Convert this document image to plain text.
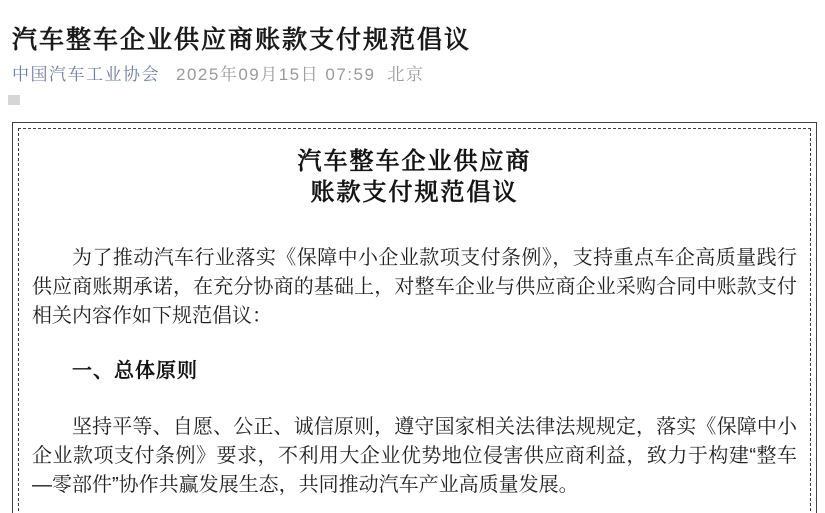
汽车整车企业供应商账款支付规范倡议
中国汽车工业协会 2025年09月15日 07:59 北京
汽车整车企业供应商
账款支付规范倡议

为了推动汽车行业落实《保障中小企业款项支付条例》，支持重点车企高质量践行供应商账期承诺，在充分协商的基础上，对整车企业与供应商企业采购合同中账款支付相关内容作如下规范倡议：

一、总体原则

坚持平等、自愿、公正、诚信原则，遵守国家相关法律法规规定，落实《保障中小企业款项支付条例》要求，不利用大企业优势地位侵害供应商利益，致力于构建“整车—零部件”协作共赢发展生态，共同推动汽车产业高质量发展。
